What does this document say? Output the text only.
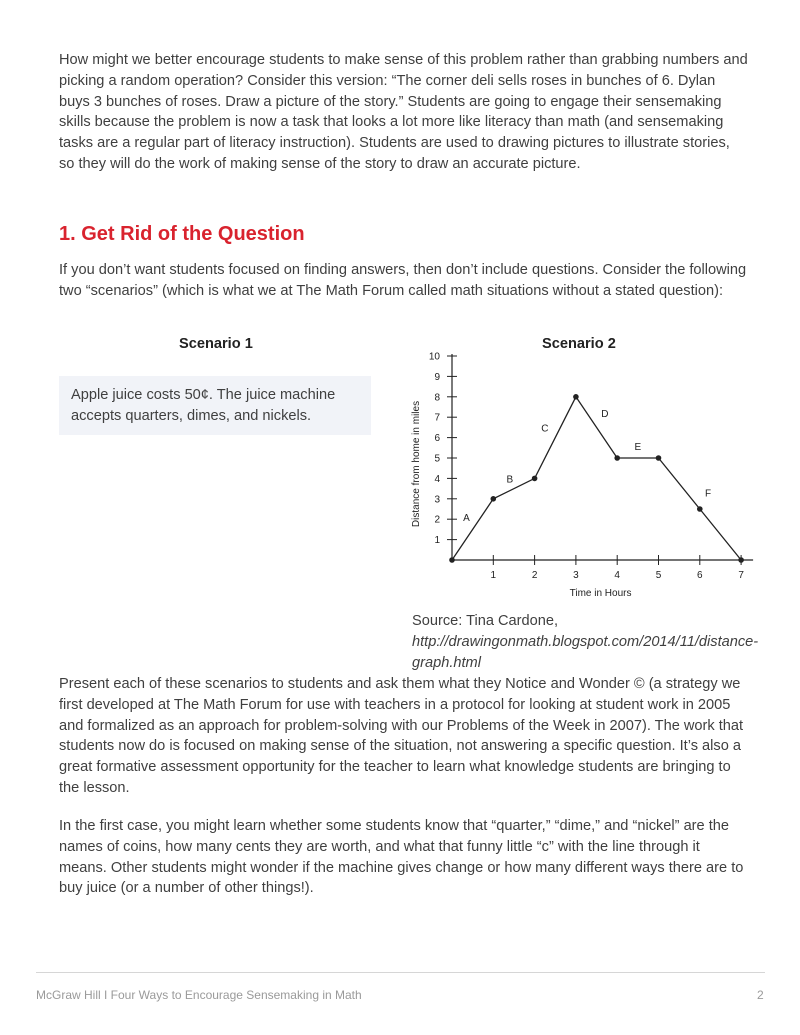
How might we better encourage students to make sense of this problem rather than grabbing numbers and picking a random operation? Consider this version: “The corner deli sells roses in bunches of 6. Dylan buys 3 bunches of roses. Draw a picture of the story.” Students are going to engage their sensemaking skills because the problem is now a task that looks a lot more like literacy than math (and sensemaking tasks are a regular part of literacy instruction). Students are used to drawing pictures to illustrate stories, so they will do the work of making sense of the story to draw an accurate picture.

1. Get Rid of the Question

If you don’t want students focused on finding answers, then don’t include questions. Consider the following two “scenarios” (which is what we at The Math Forum called math situations without a stated question):

Scenario 1
Apple juice costs 50¢. The juice machine accepts quarters, dimes, and nickels.
Scenario 2
1	2	3	4	5	6	7
1
2
3
4
5
6
7
8
9
10
Time in Hours
Distance from home in miles	A
B
C
D
E
F
Source: Tina Cardone, http://drawingonmath.blogspot.com/2014/11/distance-graph.html

Present each of these scenarios to students and ask them what they Notice and Wonder © (a strategy we first developed at The Math Forum for use with teachers in a protocol for looking at student work in 2005 and formalized as an approach for problem-solving with our Problems of the Week in 2007). The work that students now do is focused on making sense of the situation, not answering a specific question. It’s also a great formative assessment opportunity for the teacher to learn what knowledge students are bringing to the lesson.

In the first case, you might learn whether some students know that “quarter,” “dime,” and “nickel” are the names of coins, how many cents they are worth, and what that funny little “c” with the line through it means. Other students might wonder if the machine gives change or how many different ways there are to buy juice (or a number of other things!).

McGraw Hill I Four Ways to Encourage Sensemaking in Math	2
